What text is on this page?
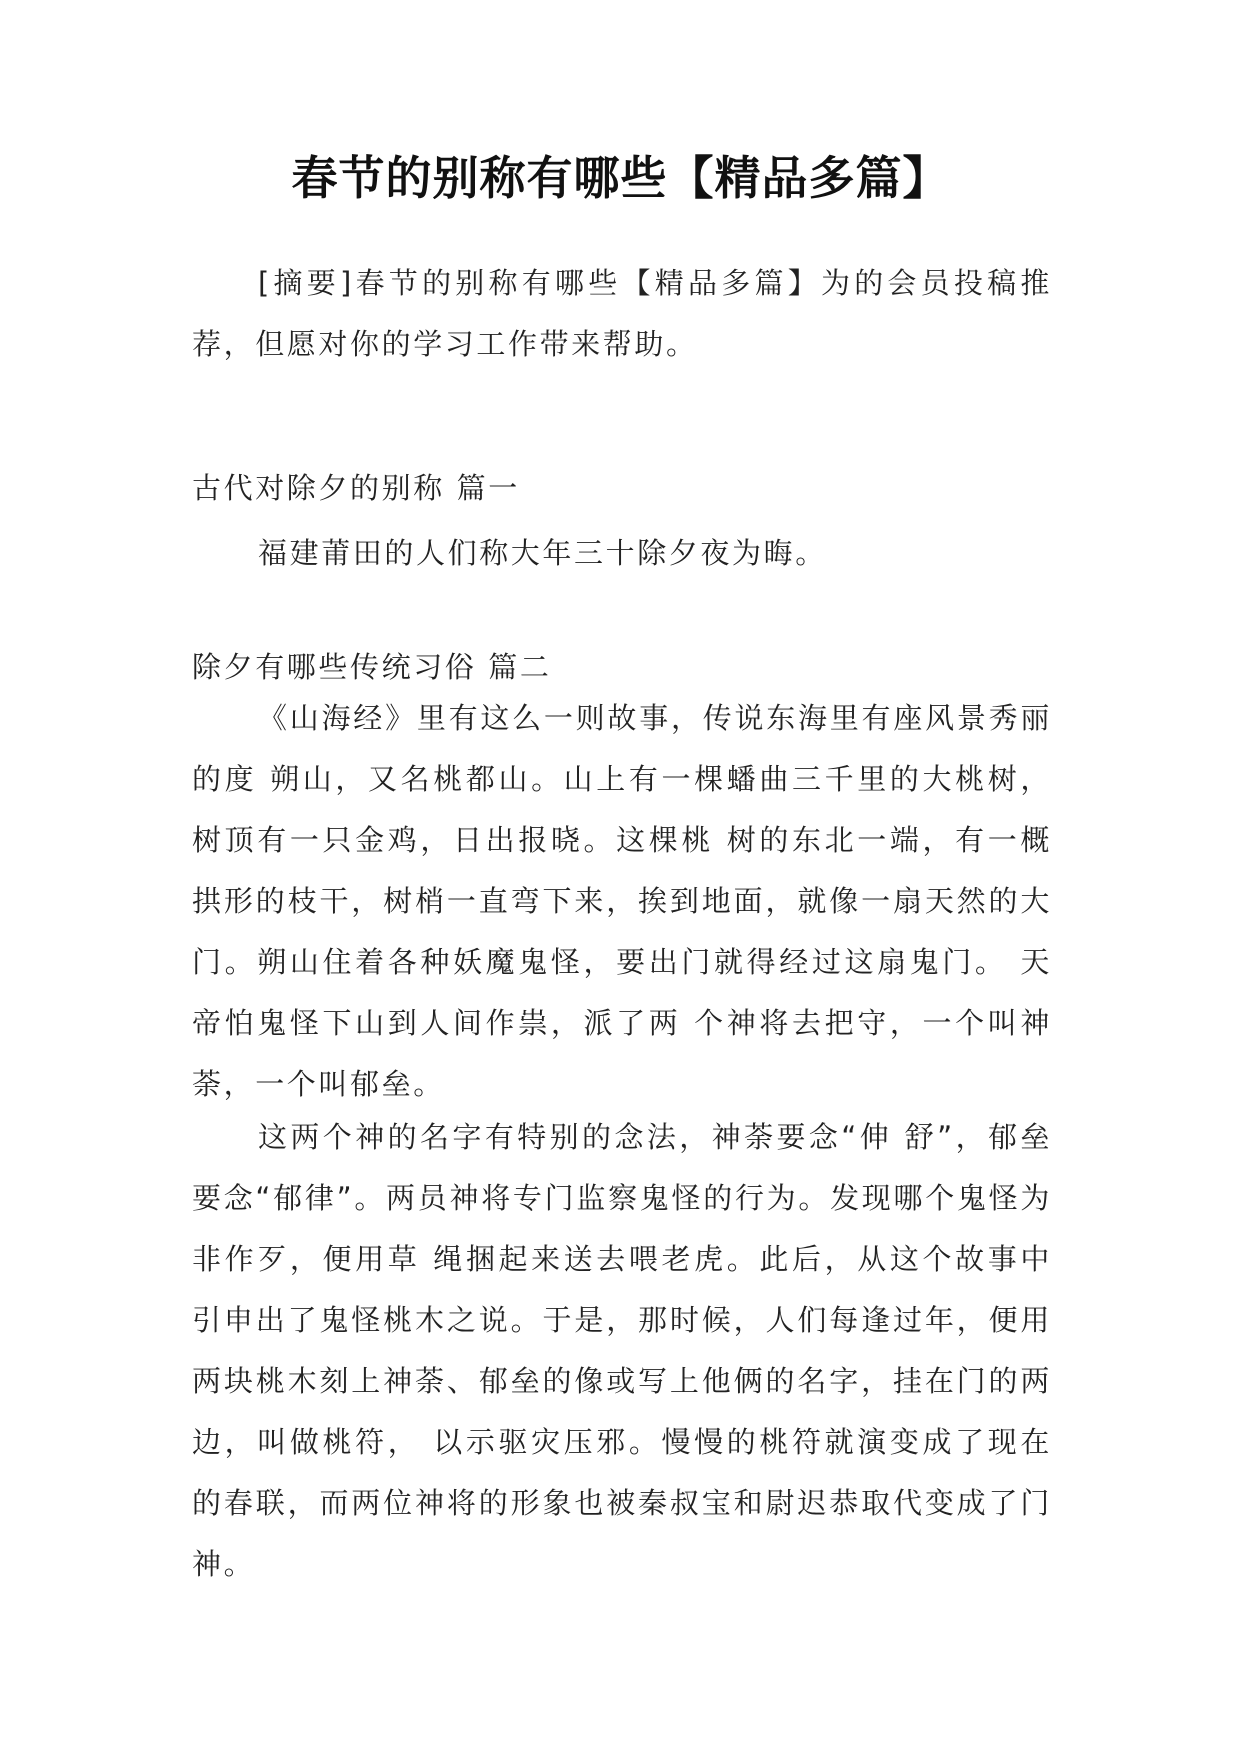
春节的别称有哪些【精品多篇】

[摘要]春节的别称有哪些【精品多篇】为的会员投稿推荐，但愿对你的学习工作带来帮助。

古代对除夕的别称 篇一

福建莆田的人们称大年三十除夕夜为晦。

除夕有哪些传统习俗 篇二

《山海经》里有这么一则故事，传说东海里有座风景秀丽的度 朔山，又名桃都山。山上有一棵蟠曲三千里的大桃树，树顶有一只金鸡，日出报晓。这棵桃 树的东北一端，有一概拱形的枝干，树梢一直弯下来，挨到地面，就像一扇天然的大门。朔山住着各种妖魔鬼怪，要出门就得经过这扇鬼门。 天帝怕鬼怪下山到人间作祟，派了两 个神将去把守，一个叫神荼，一个叫郁垒。

这两个神的名字有特别的念法，神荼要念“伸 舒”，郁垒要念“郁律”。两员神将专门监察鬼怪的行为。发现哪个鬼怪为非作歹，便用草 绳捆起来送去喂老虎。此后，从这个故事中引申出了鬼怪桃木之说。于是，那时候，人们每逢过年，便用两块桃木刻上神荼、郁垒的像或写上他俩的名字，挂在门的两边，叫做桃符， 以示驱灾压邪。慢慢的桃符就演变成了现在的春联，而两位神将的形象也被秦叔宝和尉迟恭取代变成了门神。
